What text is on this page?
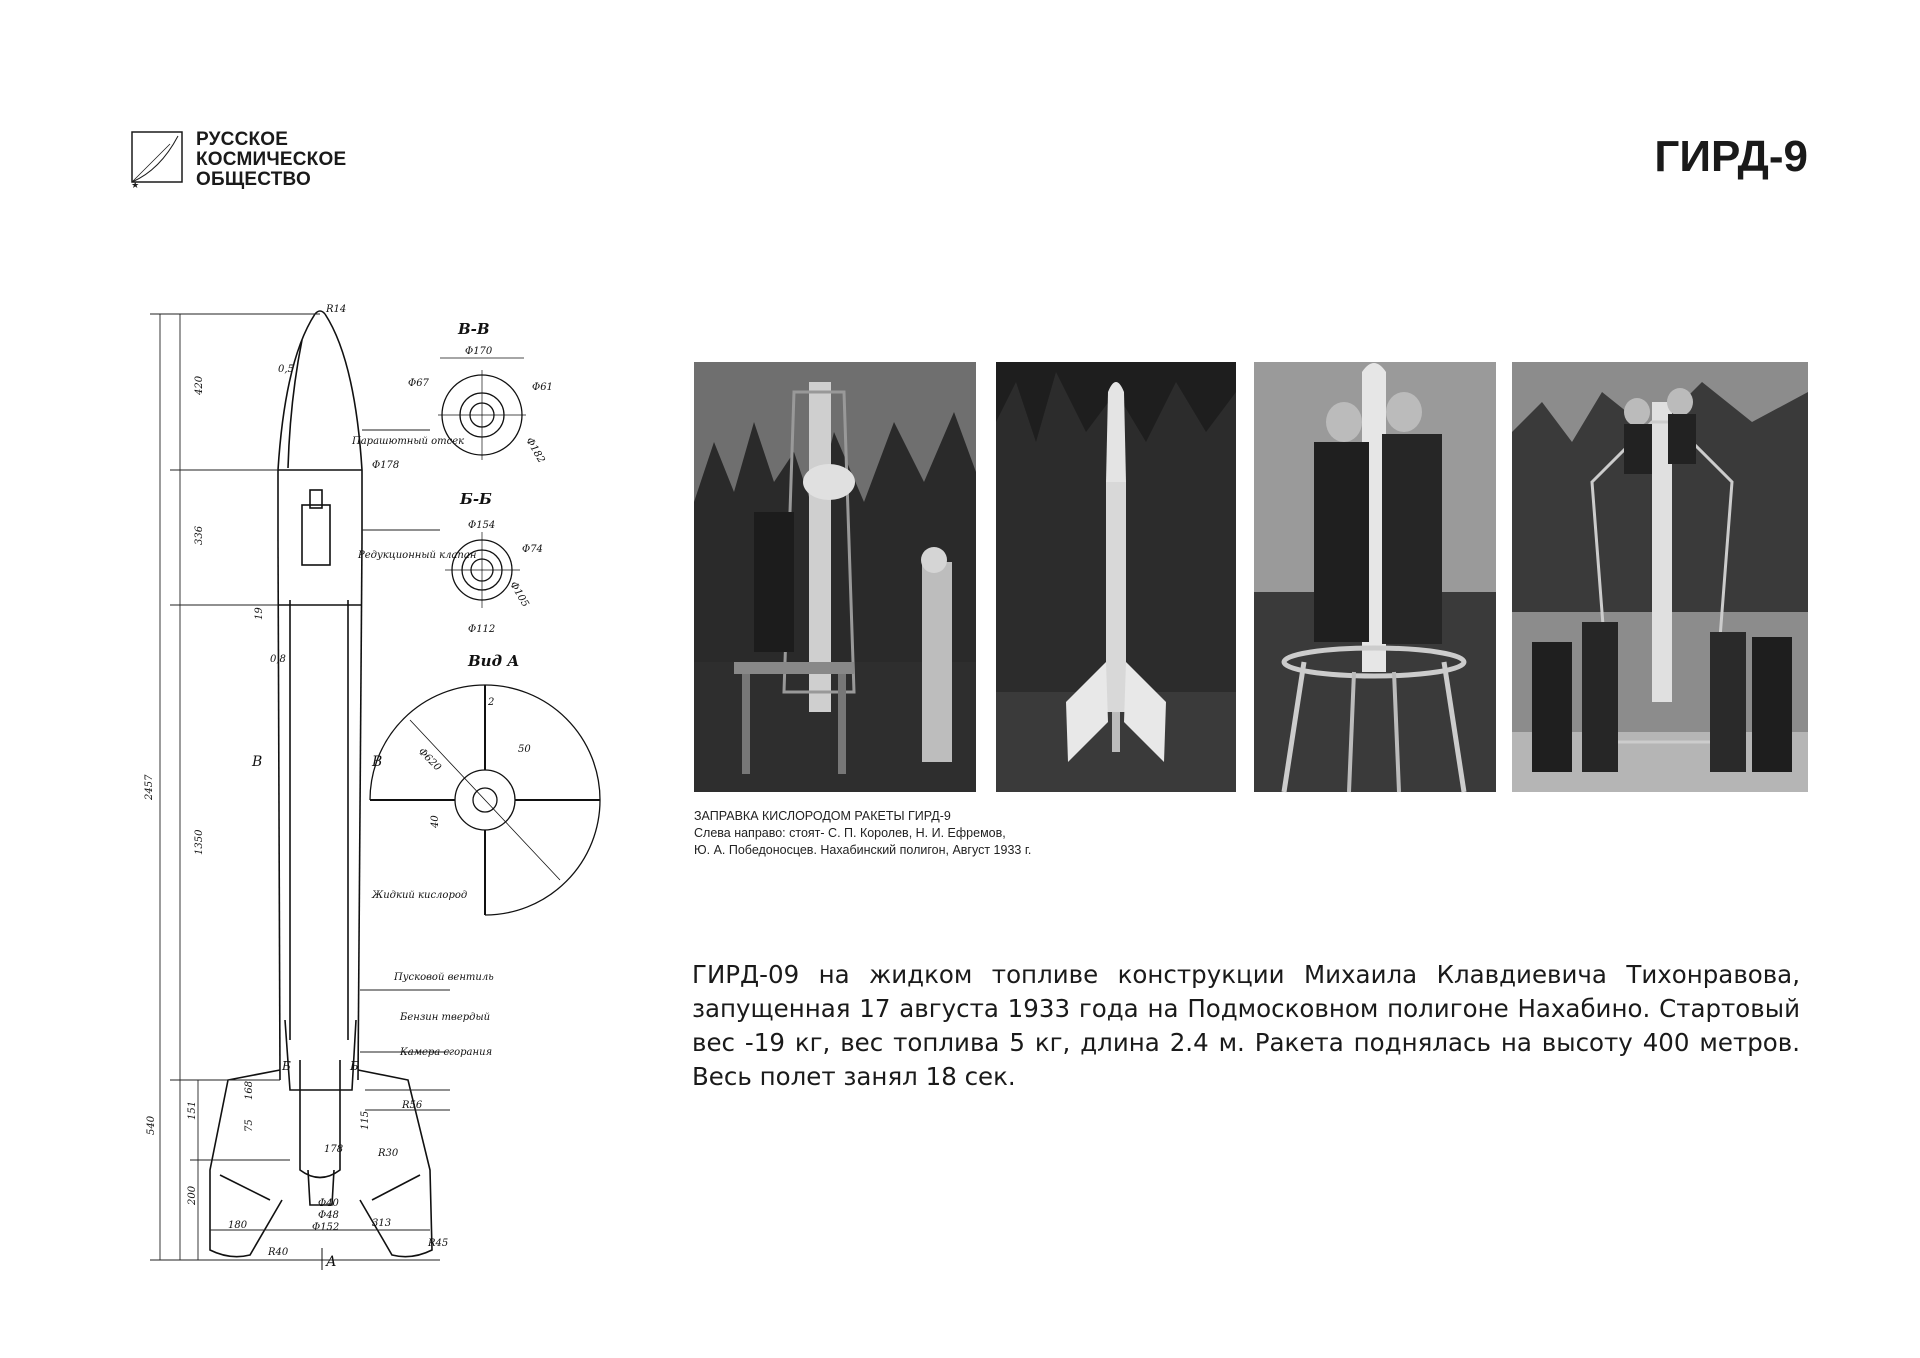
РУССКОЕ
КОСМИЧЕСКОЕ
ОБЩЕСТВО	ГИРД-9
R14
0,5
420
336
19
0,8
2457
1350
540
151
200
168
75
Φ178
178
115
R56
R30
Φ40
Φ48
Φ152
180
R40
313
R45
Парашютный отсек
Редукционный клапан
Жидкий кислород
Пусковой вентиль
Бензин твердый
Камера сгорания
В	В
Б	Б
А
В-В
Φ170
Φ67	Φ61
Φ182
Б-Б
Φ154
Φ74
Φ105
Φ112
Вид А
2
Φ620	50
40	ЗАПРАВКА КИСЛОРОДОМ РАКЕТЫ ГИРД-9
Слева направо: стоят- С. П. Королев, Н. И. Ефремов,
Ю. А. Победоносцев. Нахабинский полигон, Август 1933 г.
ГИРД-09 на жидком топливе конструкции Михаила Клавдиевича Тихонравова, запущенная 17 августа 1933 года на Подмосковном полигоне Нахабино. Стартовый вес -19 кг, вес топлива 5 кг, длина 2.4 м. Ракета поднялась на высоту 400 метров. Весь полет занял 18 сек.
